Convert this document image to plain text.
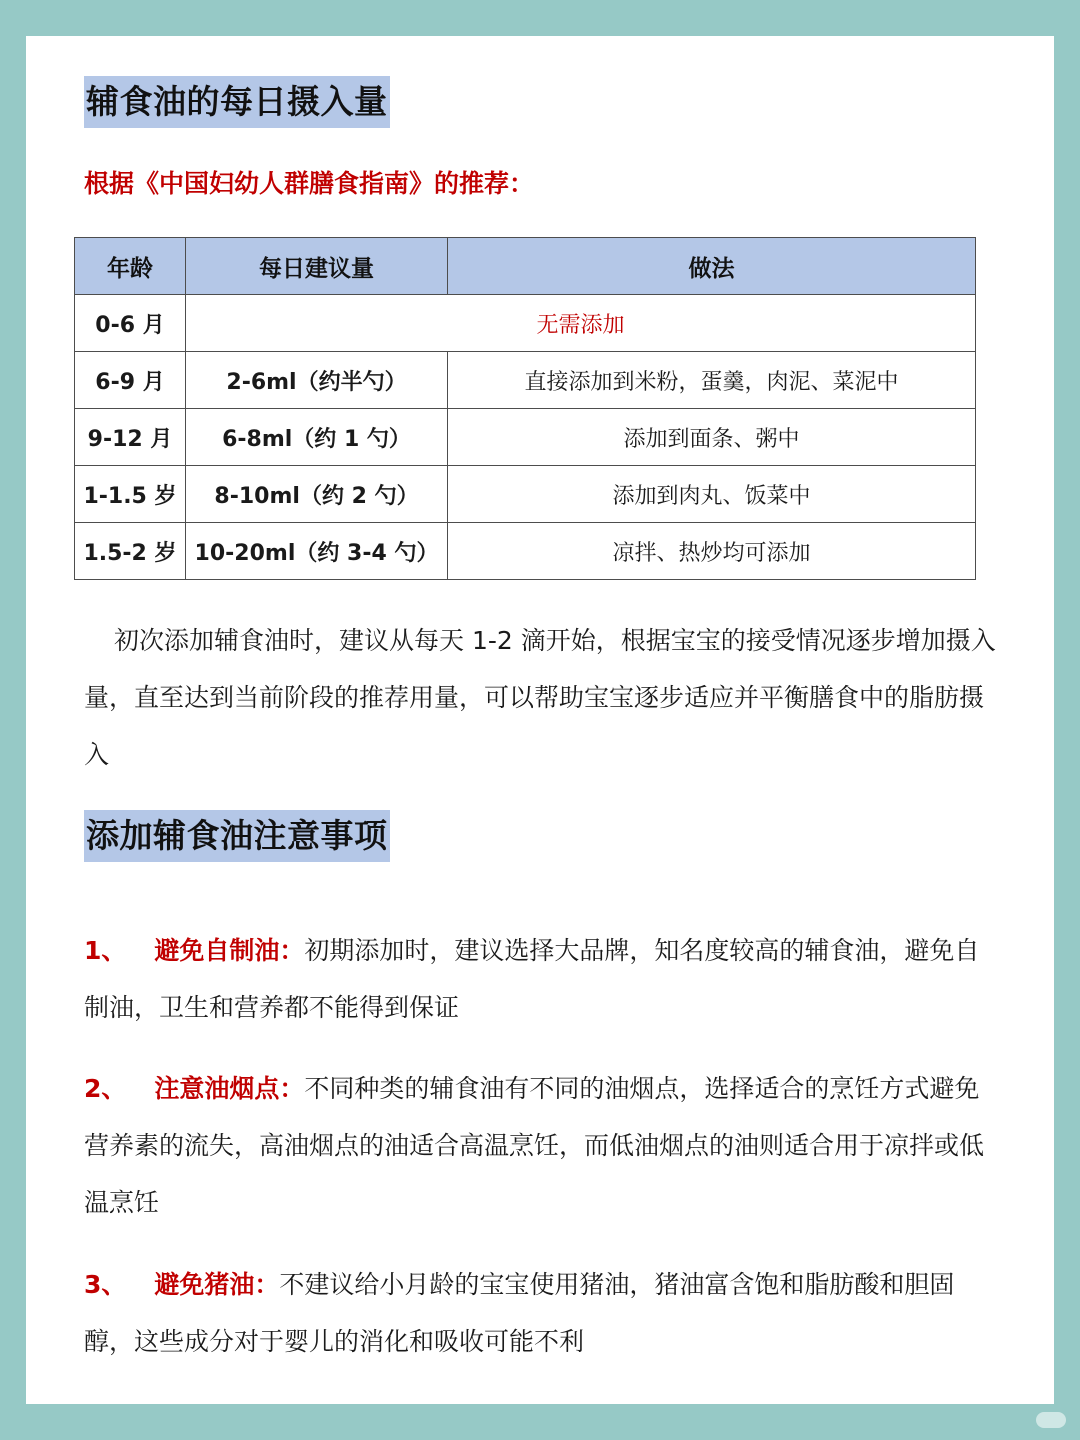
辅食油的每日摄入量
根据《中国妇幼人群膳食指南》的推荐：
年龄	每日建议量	做法
0-6 月	无需添加	
6-9 月	2-6ml（约半勺）	直接添加到米粉，蛋羹，肉泥、菜泥中
9-12 月	6-8ml（约 1 勺）	添加到面条、粥中
1-1.5 岁	8-10ml（约 2 勺）	添加到肉丸、饭菜中
1.5-2 岁	10-20ml（约 3-4 勺）	凉拌、热炒均可添加
初次添加辅食油时，建议从每天 1-2 滴开始，根据宝宝的接受情况逐步增加摄入量，直至达到当前阶段的推荐用量，可以帮助宝宝逐步适应并平衡膳食中的脂肪摄入
添加辅食油注意事项
1、 避免自制油：初期添加时，建议选择大品牌，知名度较高的辅食油，避免自制油，卫生和营养都不能得到保证
2、 注意油烟点：不同种类的辅食油有不同的油烟点，选择适合的烹饪方式避免营养素的流失，高油烟点的油适合高温烹饪，而低油烟点的油则适合用于凉拌或低温烹饪
3、 避免猪油：不建议给小月龄的宝宝使用猪油，猪油富含饱和脂肪酸和胆固醇，这些成分对于婴儿的消化和吸收可能不利
